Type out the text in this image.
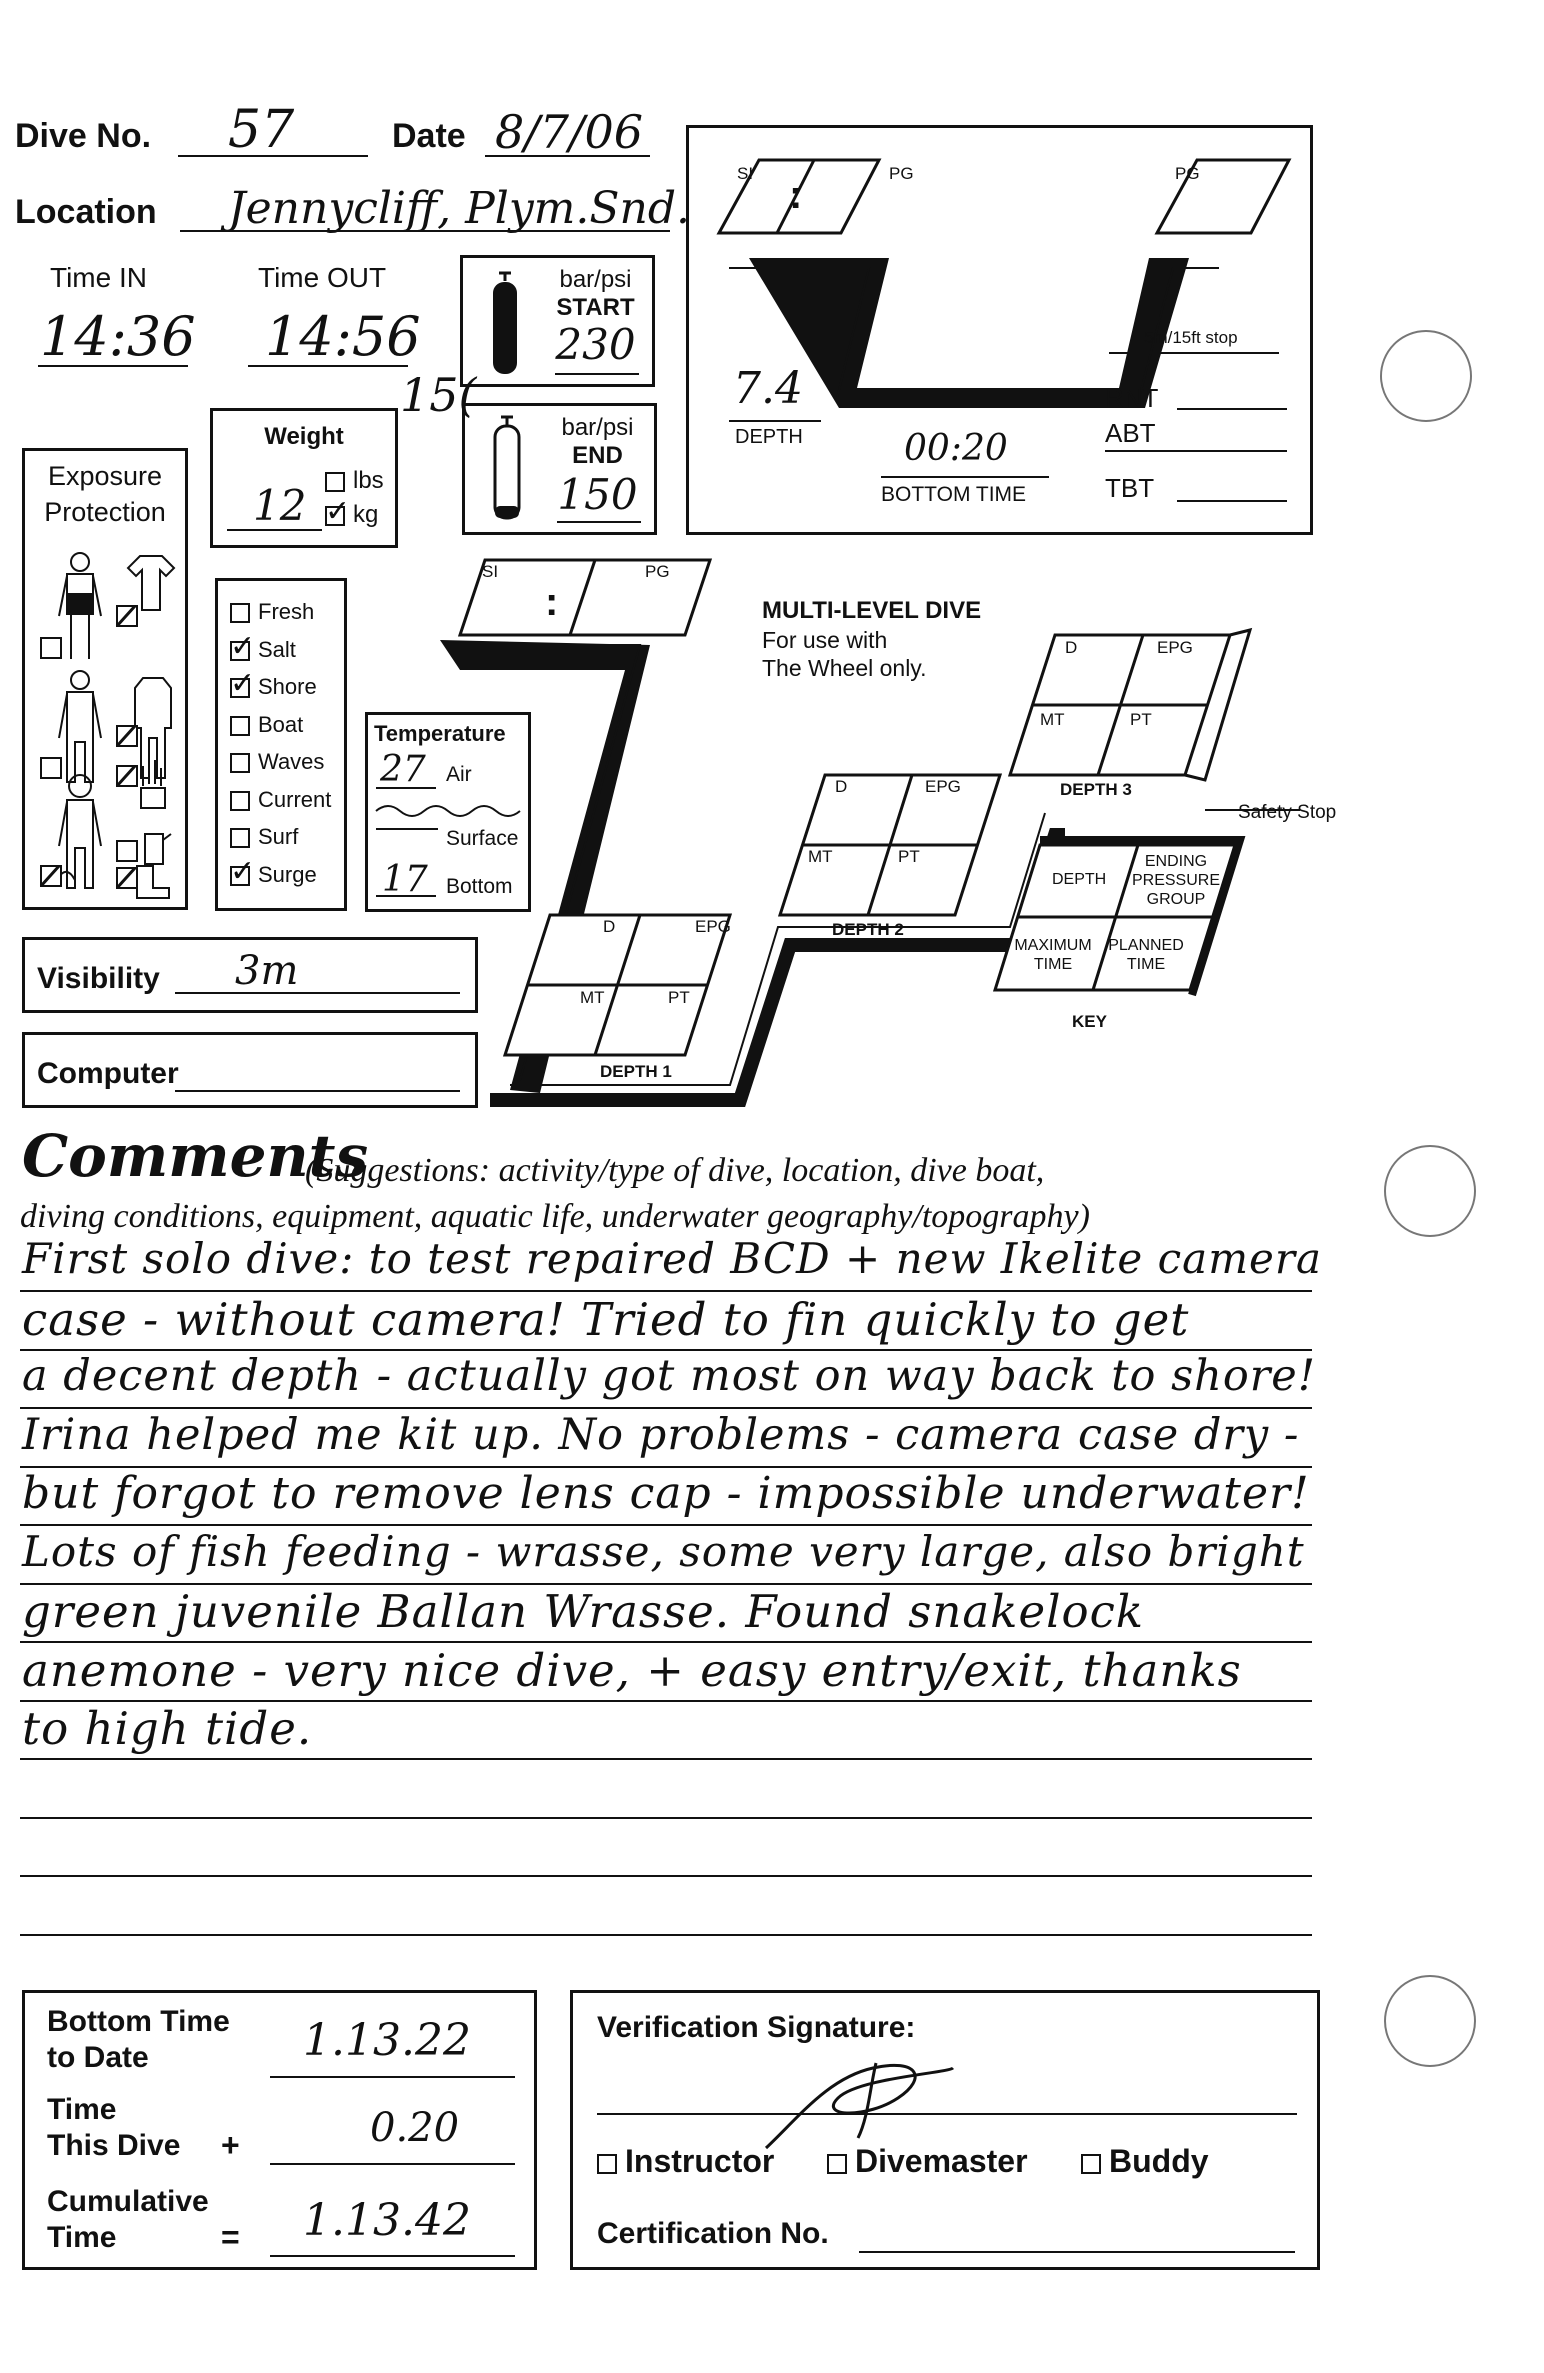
Dive No. 57	Date 8/7/06
Location Jennycliff, Plym.Snd.
Time IN
14:36
Time OUT
14:56
15(
bar/psi
START
230
bar/psi
END
150
Weight
12
lbs
✓kg
Exposure
Protection
Fresh
✓Salt
✓Shore
Boat
Waves
Current
Surf
✓Surge
Temperature
27 Air
Surface
17 Bottom
Visibility 3m
Computer
SI :	PG	PG
5m/15ft stop
7.4
DEPTH	00:20
BOTTOM TIME
RNT
ABT
TBT
SI
:
PG
MULTI-LEVEL DIVE
For use with
The Wheel only.
D	EPG
MT	PT
DEPTH 1
D	EPG
MT	PT
DEPTH 2
D	EPG
MT	PT
DEPTH 3
Safety Stop
DEPTH
ENDING PRESSURE GROUP
MAXIMUM TIME
PLANNED TIME
KEY
Comments
(Suggestions: activity/type of dive, location, dive boat,
diving conditions, equipment, aquatic life, underwater geography/topography)
First solo dive: to test repaired BCD + new Ikelite camera
case - without camera! Tried to fin quickly to get
a decent depth - actually got most on way back to shore!
Irina helped me kit up. No problems - camera case dry -
but forgot to remove lens cap - impossible underwater!
Lots of fish feeding - wrasse, some very large, also bright
green juvenile Ballan Wrasse. Found snakelock
anemone - very nice dive, + easy entry/exit, thanks
to high tide.
Bottom Time
to Date	1.13.22
Time
This Dive +	0.20
Cumulative
Time	= 1.13.42
Verification Signature:
Instructor	Divemaster	Buddy
Certification No.
